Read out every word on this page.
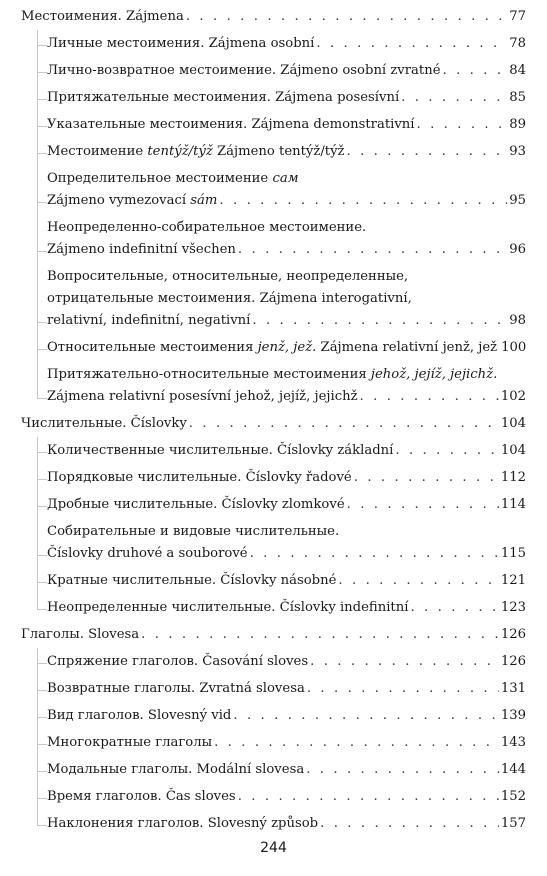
Местоимения. Zájmena . . .	77
Личные местоимения. Zájmena osobní . . .	78
Лично-возвратное местоимение. Zájmeno osobní zvratné . . .	84
Притяжательные местоимения. Zájmena posesívní . . .	85
Указательные местоимения. Zájmena demonstrativní . . .	89
Местоимение tentýž/týž Zájmeno tentýž/týž . . .	93
Определительное местоимение сам
Zájmeno vymezovací sám . . .	95
Неопределенно-собирательное местоимение.
Zájmeno indefinitní všechen . . .	96
Вопросительные, относительные, неопределенные,
отрицательные местоимения. Zájmena interogativní,
relativní, indefinitní, negativní . . .	98
Относительные местоимения jenž, jež. Zájmena relativní jenž, jež 100
Притяжательно-относительные местоимения jehož, jejíž, jejichž.
Zájmena relativní posesívní jehož, jejíž, jejichž . . .	102
Числительные. Číslovky . . .	104
Количественные числительные. Číslovky základní . . .	104
Порядковые числительные. Číslovky řadové . . .	112
Дробные числительные. Číslovky zlomkové . . .	114
Собирательные и видовые числительные.
Číslovky druhové a souborové . . .	115
Кратные числительные. Číslovky násobné . . .	121
Неопределенные числительные. Číslovky indefinitní . . .	123
Глаголы. Slovesa . . .	126
Спряжение глаголов. Časování sloves . . .	126
Возвратные глаголы. Zvratná slovesa . . .	131
Вид глаголов. Slovesný vid . . .	139
Многократные глаголы . . .	143
Модальные глаголы. Modální slovesa . . .	144
Время глаголов. Čas sloves . . .	152
Наклонения глаголов. Slovesný způsob . . .	157
244
